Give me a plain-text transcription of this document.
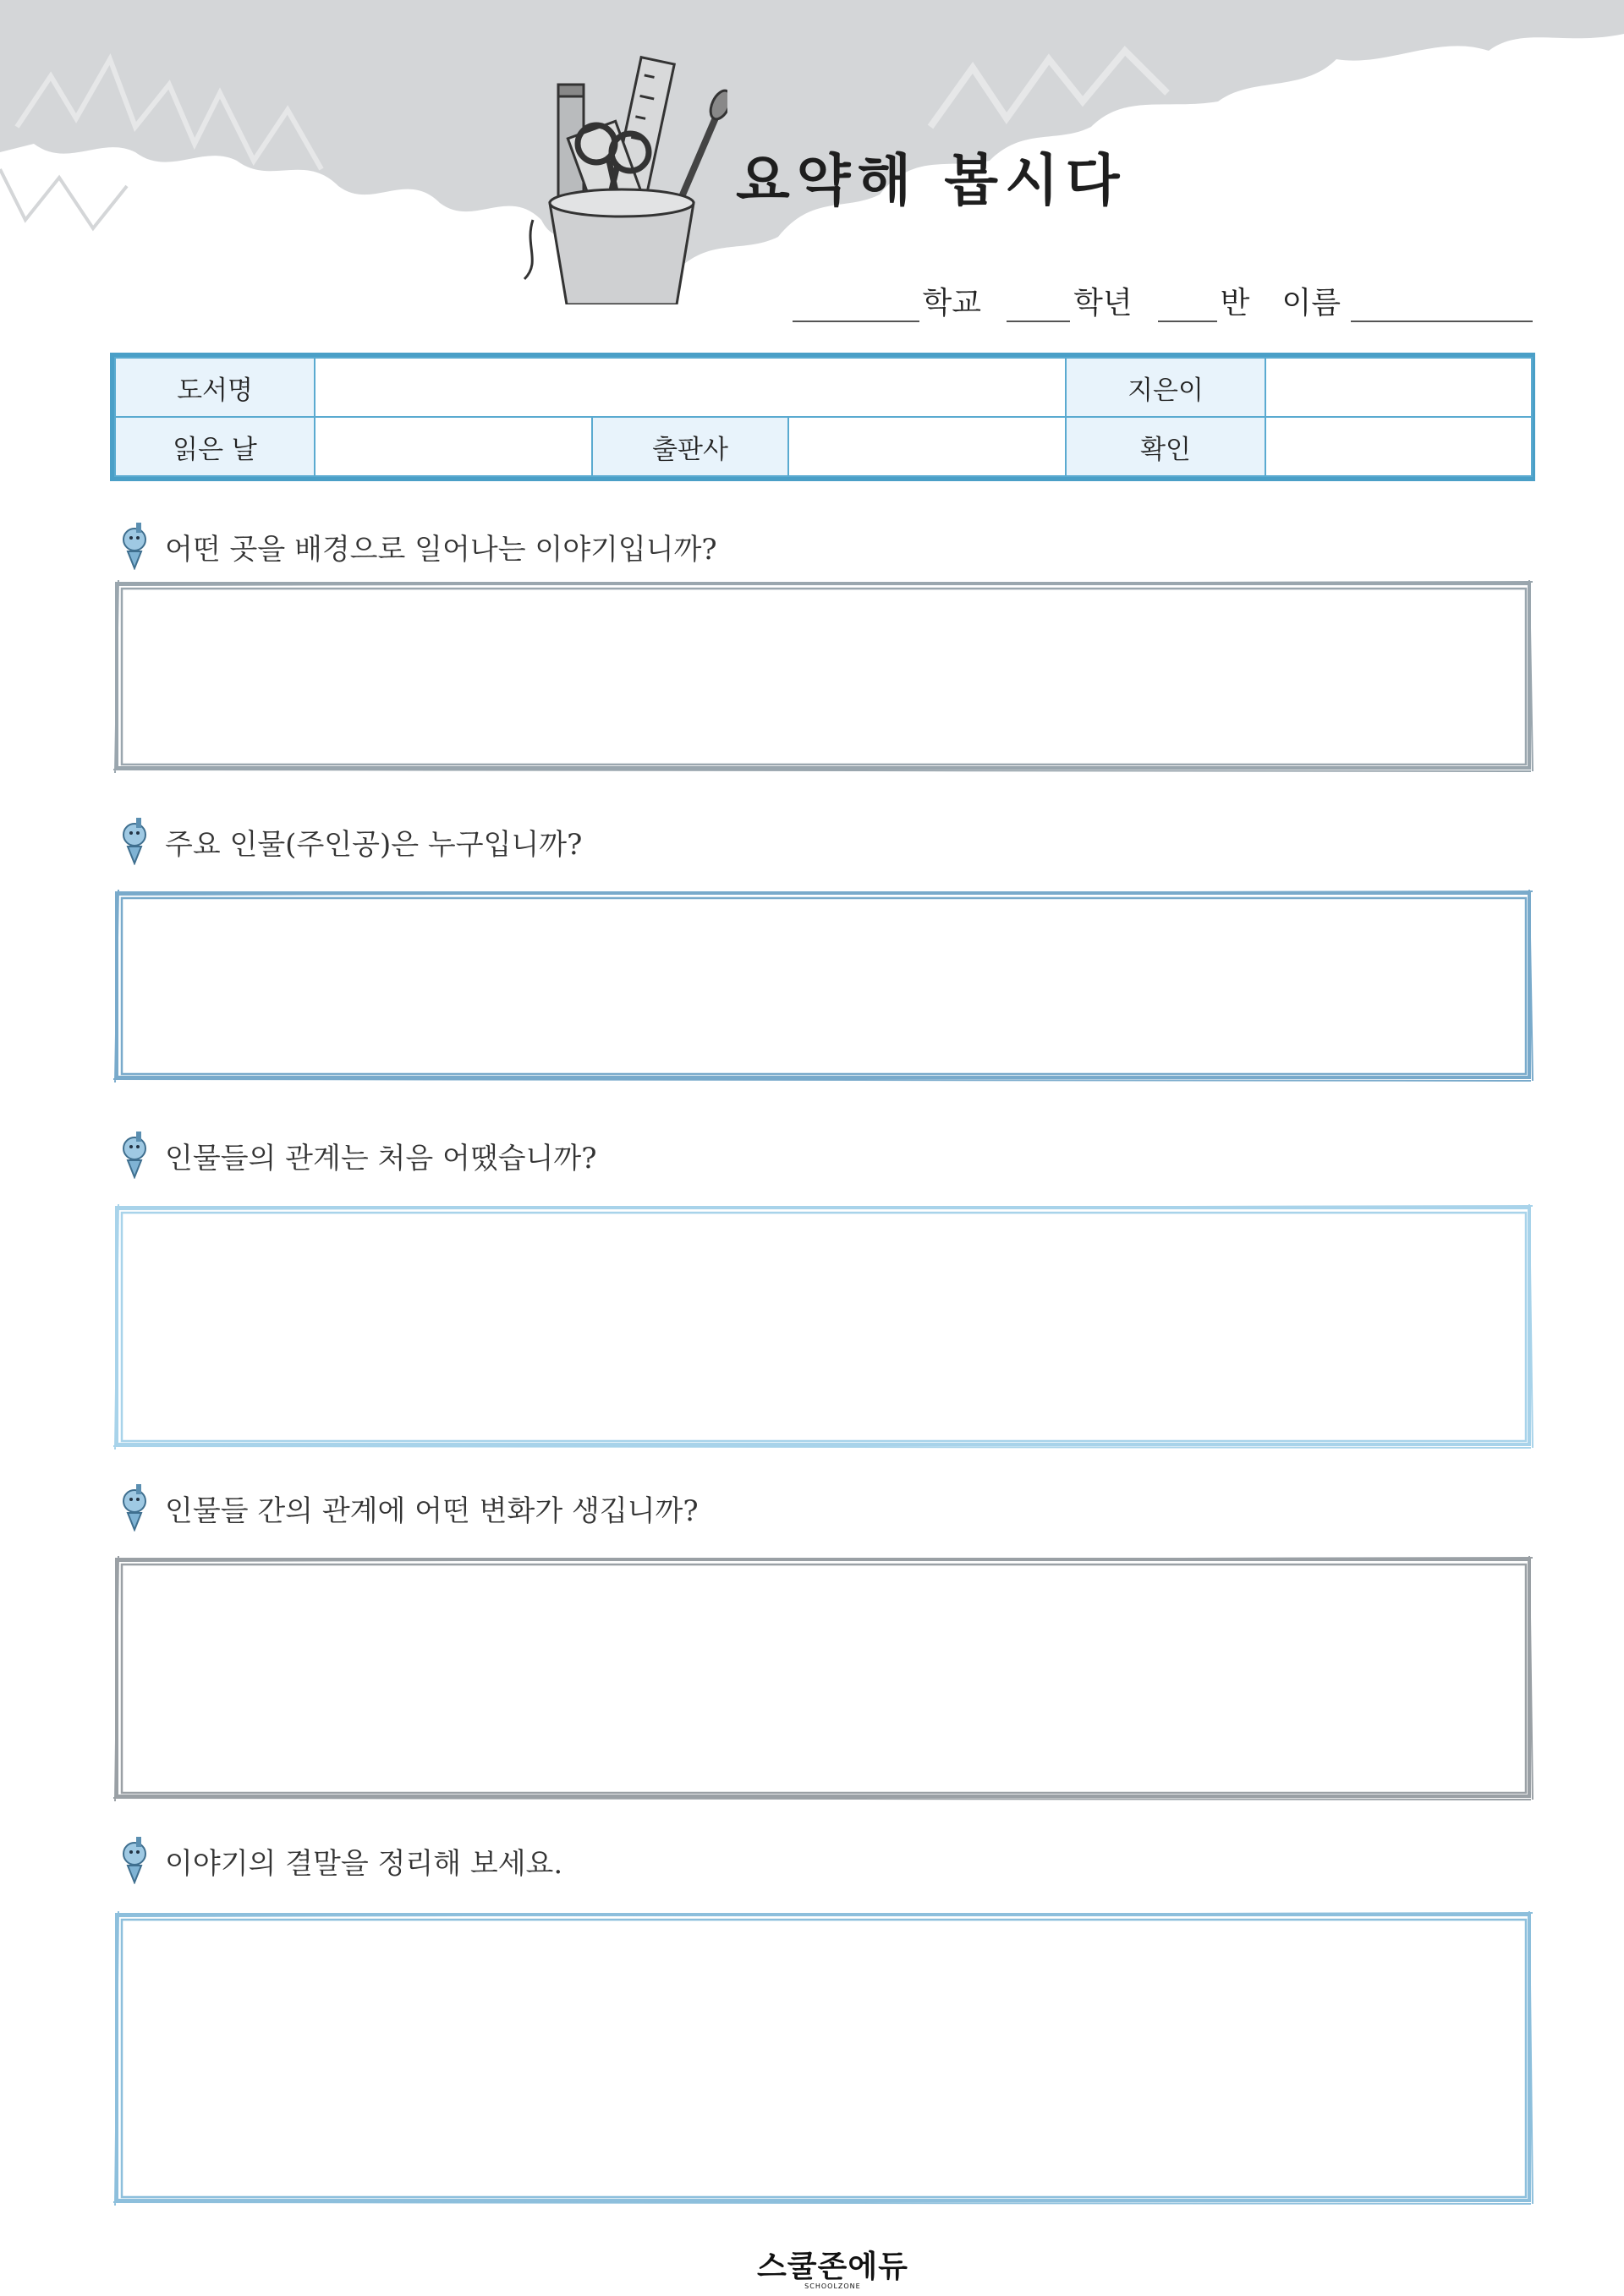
요약해 봅시다
학교	학년	반 이름
도서명				지은이	
읽은 날		출판사		확인	
어떤 곳을 배경으로 일어나는 이야기입니까?
주요 인물(주인공)은 누구입니까?
인물들의 관계는 처음 어땠습니까?
인물들 간의 관계에 어떤 변화가 생깁니까?
이야기의 결말을 정리해 보세요.
스쿨존에듀
SCHOOLZONE
